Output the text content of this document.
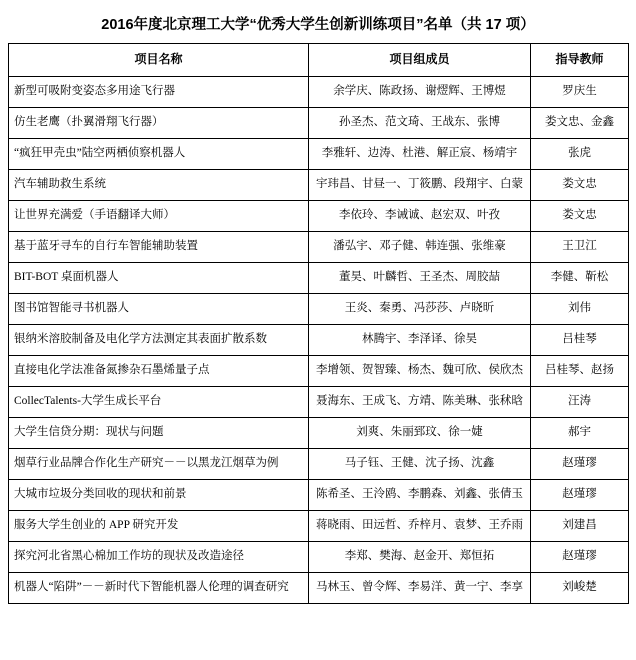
2016年度北京理工大学“优秀大学生创新训练项目”名单（共 17 项）
项目名称	项目组成员	指导教师
新型可吸附变姿态多用途飞行器	余学庆、陈政扬、谢熤辉、王博煜	罗庆生
仿生老鹰（扑翼滑翔飞行器）	孙圣杰、范文琦、王战东、张博	娄文忠、金鑫
“疯狂甲壳虫”陆空两栖侦察机器人	李雅轩、边涛、杜港、解正宸、杨靖宇	张虎
汽车辅助救生系统	宇玮昌、甘昼一、丁筱鹏、段翔宇、白蒙	娄文忠
让世界充满爱（手语翻译大师）	李依玲、李诫诚、赵宏双、叶孜	娄文忠
基于蓝牙寻车的自行车智能辅助装置	潘弘宇、邓子健、韩连强、张维豪	王卫江
BIT-BOT 桌面机器人	董昊、叶麟哲、王圣杰、周胶喆	李健、靳松
图书馆智能寻书机器人	王炎、秦勇、冯莎莎、卢晓昕	刘伟
银纳米溶胶制备及电化学方法测定其表面扩散系数	林腾宇、李泽译、徐昊	吕桂琴
直接电化学法准备氮掺杂石墨烯量子点	李增领、贺智臻、杨杰、魏可欣、侯欣杰	吕桂琴、赵扬
CollecTalents-大学生成长平台	聂海东、王成飞、方靖、陈美琳、张秫晗	汪涛
大学生信贷分期：现状与问题	刘爽、朱丽郅玟、徐一婕	郝宇
烟草行业品牌合作化生产研究－－以黑龙江烟草为例	马子钰、王健、沈子扬、沈鑫	赵瑾璆
大城市垃圾分类回收的现状和前景	陈希圣、王泠鸥、李鹏森、刘鑫、张倩玉	赵瑾璆
服务大学生创业的 APP 研究开发	蒋晓雨、田远哲、乔梓月、袁梦、王乔雨	刘建昌
探究河北省黑心棉加工作坊的现状及改造途径	李郑、樊海、赵金开、郑恒拓	赵瑾璆
机器人“陷阱”－－新时代下智能机器人伦理的调查研究	马林玉、曾令辉、李易洋、黄一宁、李享	刘峻楚
